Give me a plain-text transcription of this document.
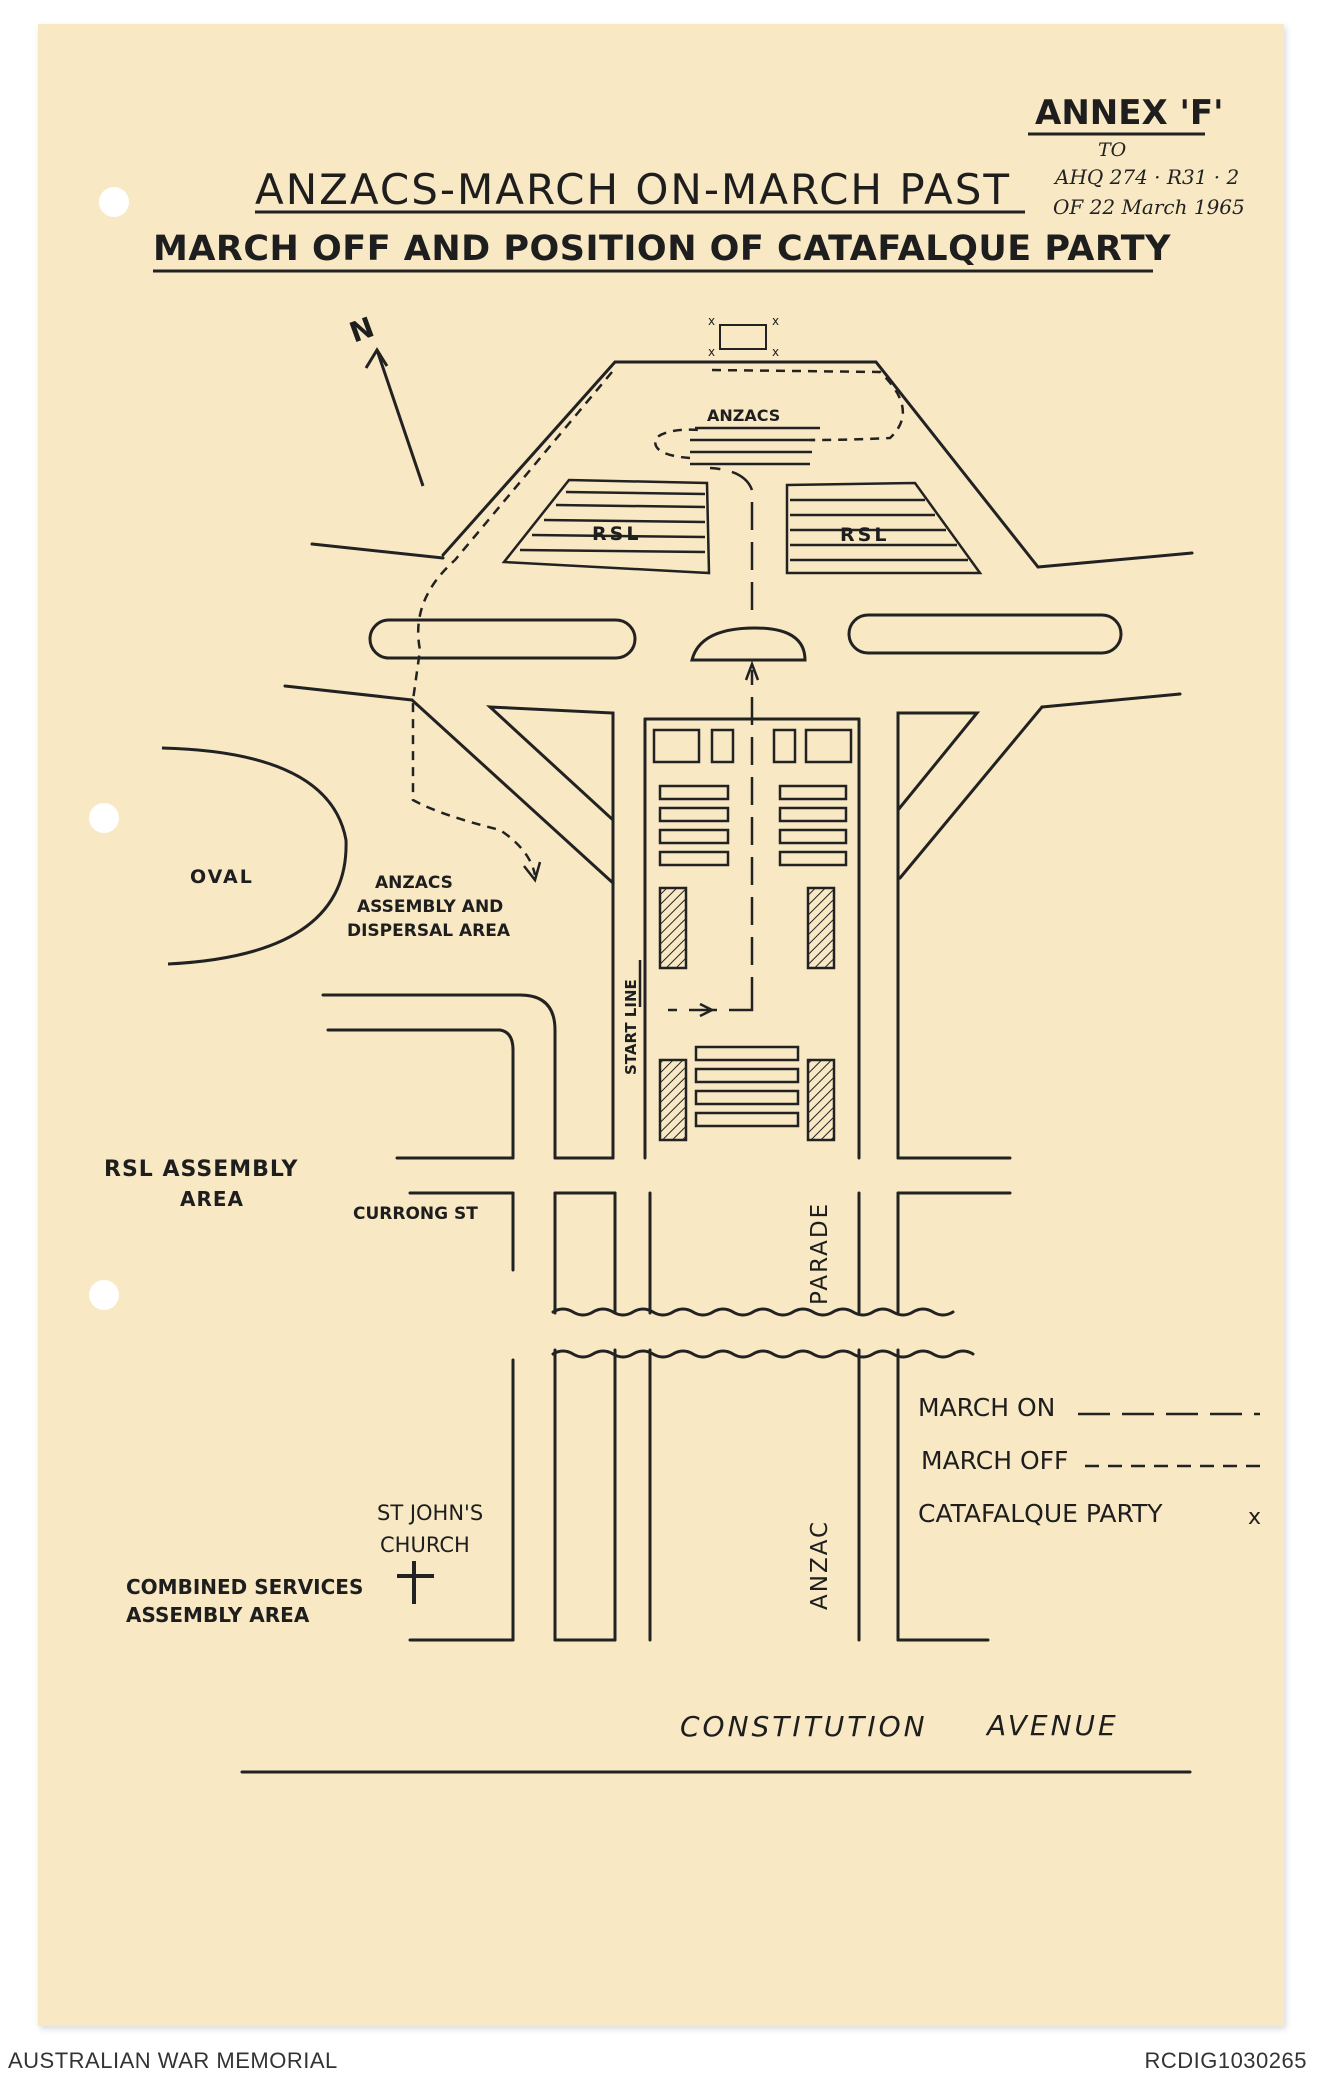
ANNEX 'F'
TO
AHQ 274 · R31 · 2
OF 22 March 1965
ANZACS-MARCH ON-MARCH PAST
MARCH OFF AND POSITION OF CATAFALQUE PARTY
N	x	x
x	x
ANZACS
RSL	RSL
OVAL	ANZACS
ASSEMBLY AND
DISPERSAL AREA
START LINE
RSL ASSEMBLY
AREA
CURRONG ST	PARADE
ANZAC
ST JOHN'S
CHURCH
COMBINED SERVICES
ASSEMBLY AREA
CONSTITUTION AVENUE
MARCH ON
MARCH OFF
CATAFALQUE PARTY	x
AUSTRALIAN WAR MEMORIAL	RCDIG1030265
